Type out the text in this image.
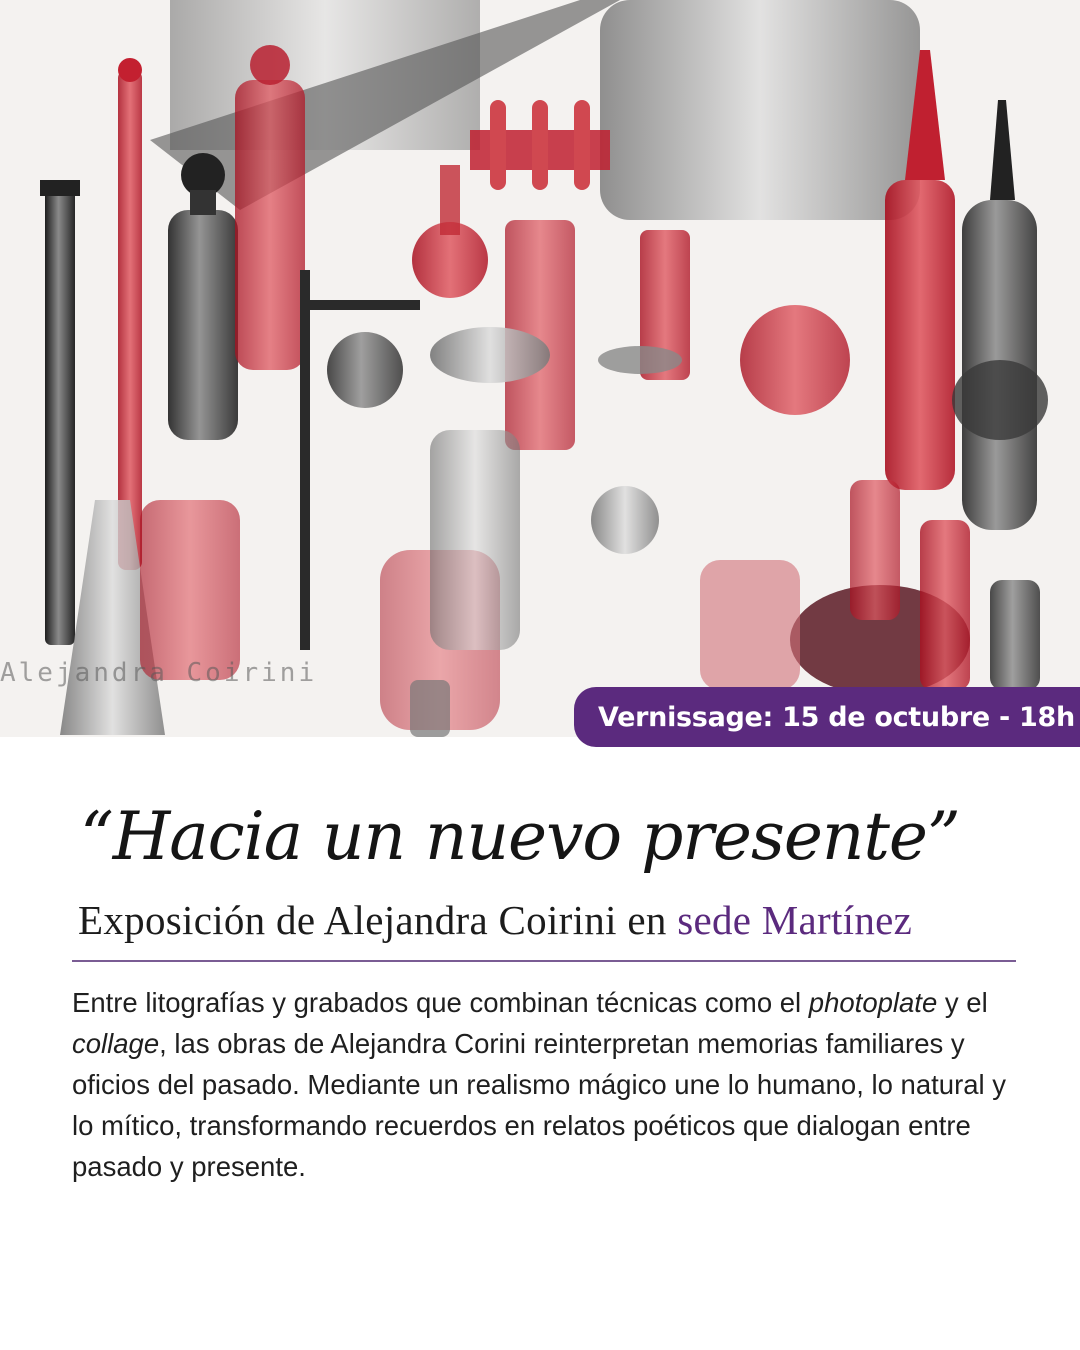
Alejandra Coirini
Vernissage: 15 de octubre - 18h
“Hacia un nuevo presente”
Exposición de Alejandra Coirini en sede Martínez

Entre litografías y grabados que combinan técnicas como el photoplate y el collage, las obras de Alejandra Corini reinterpretan memorias familiares y oficios del pasado. Mediante un realismo mágico une lo humano, lo natural y lo mítico, transformando recuerdos en relatos poéticos que dialogan entre pasado y presente.
